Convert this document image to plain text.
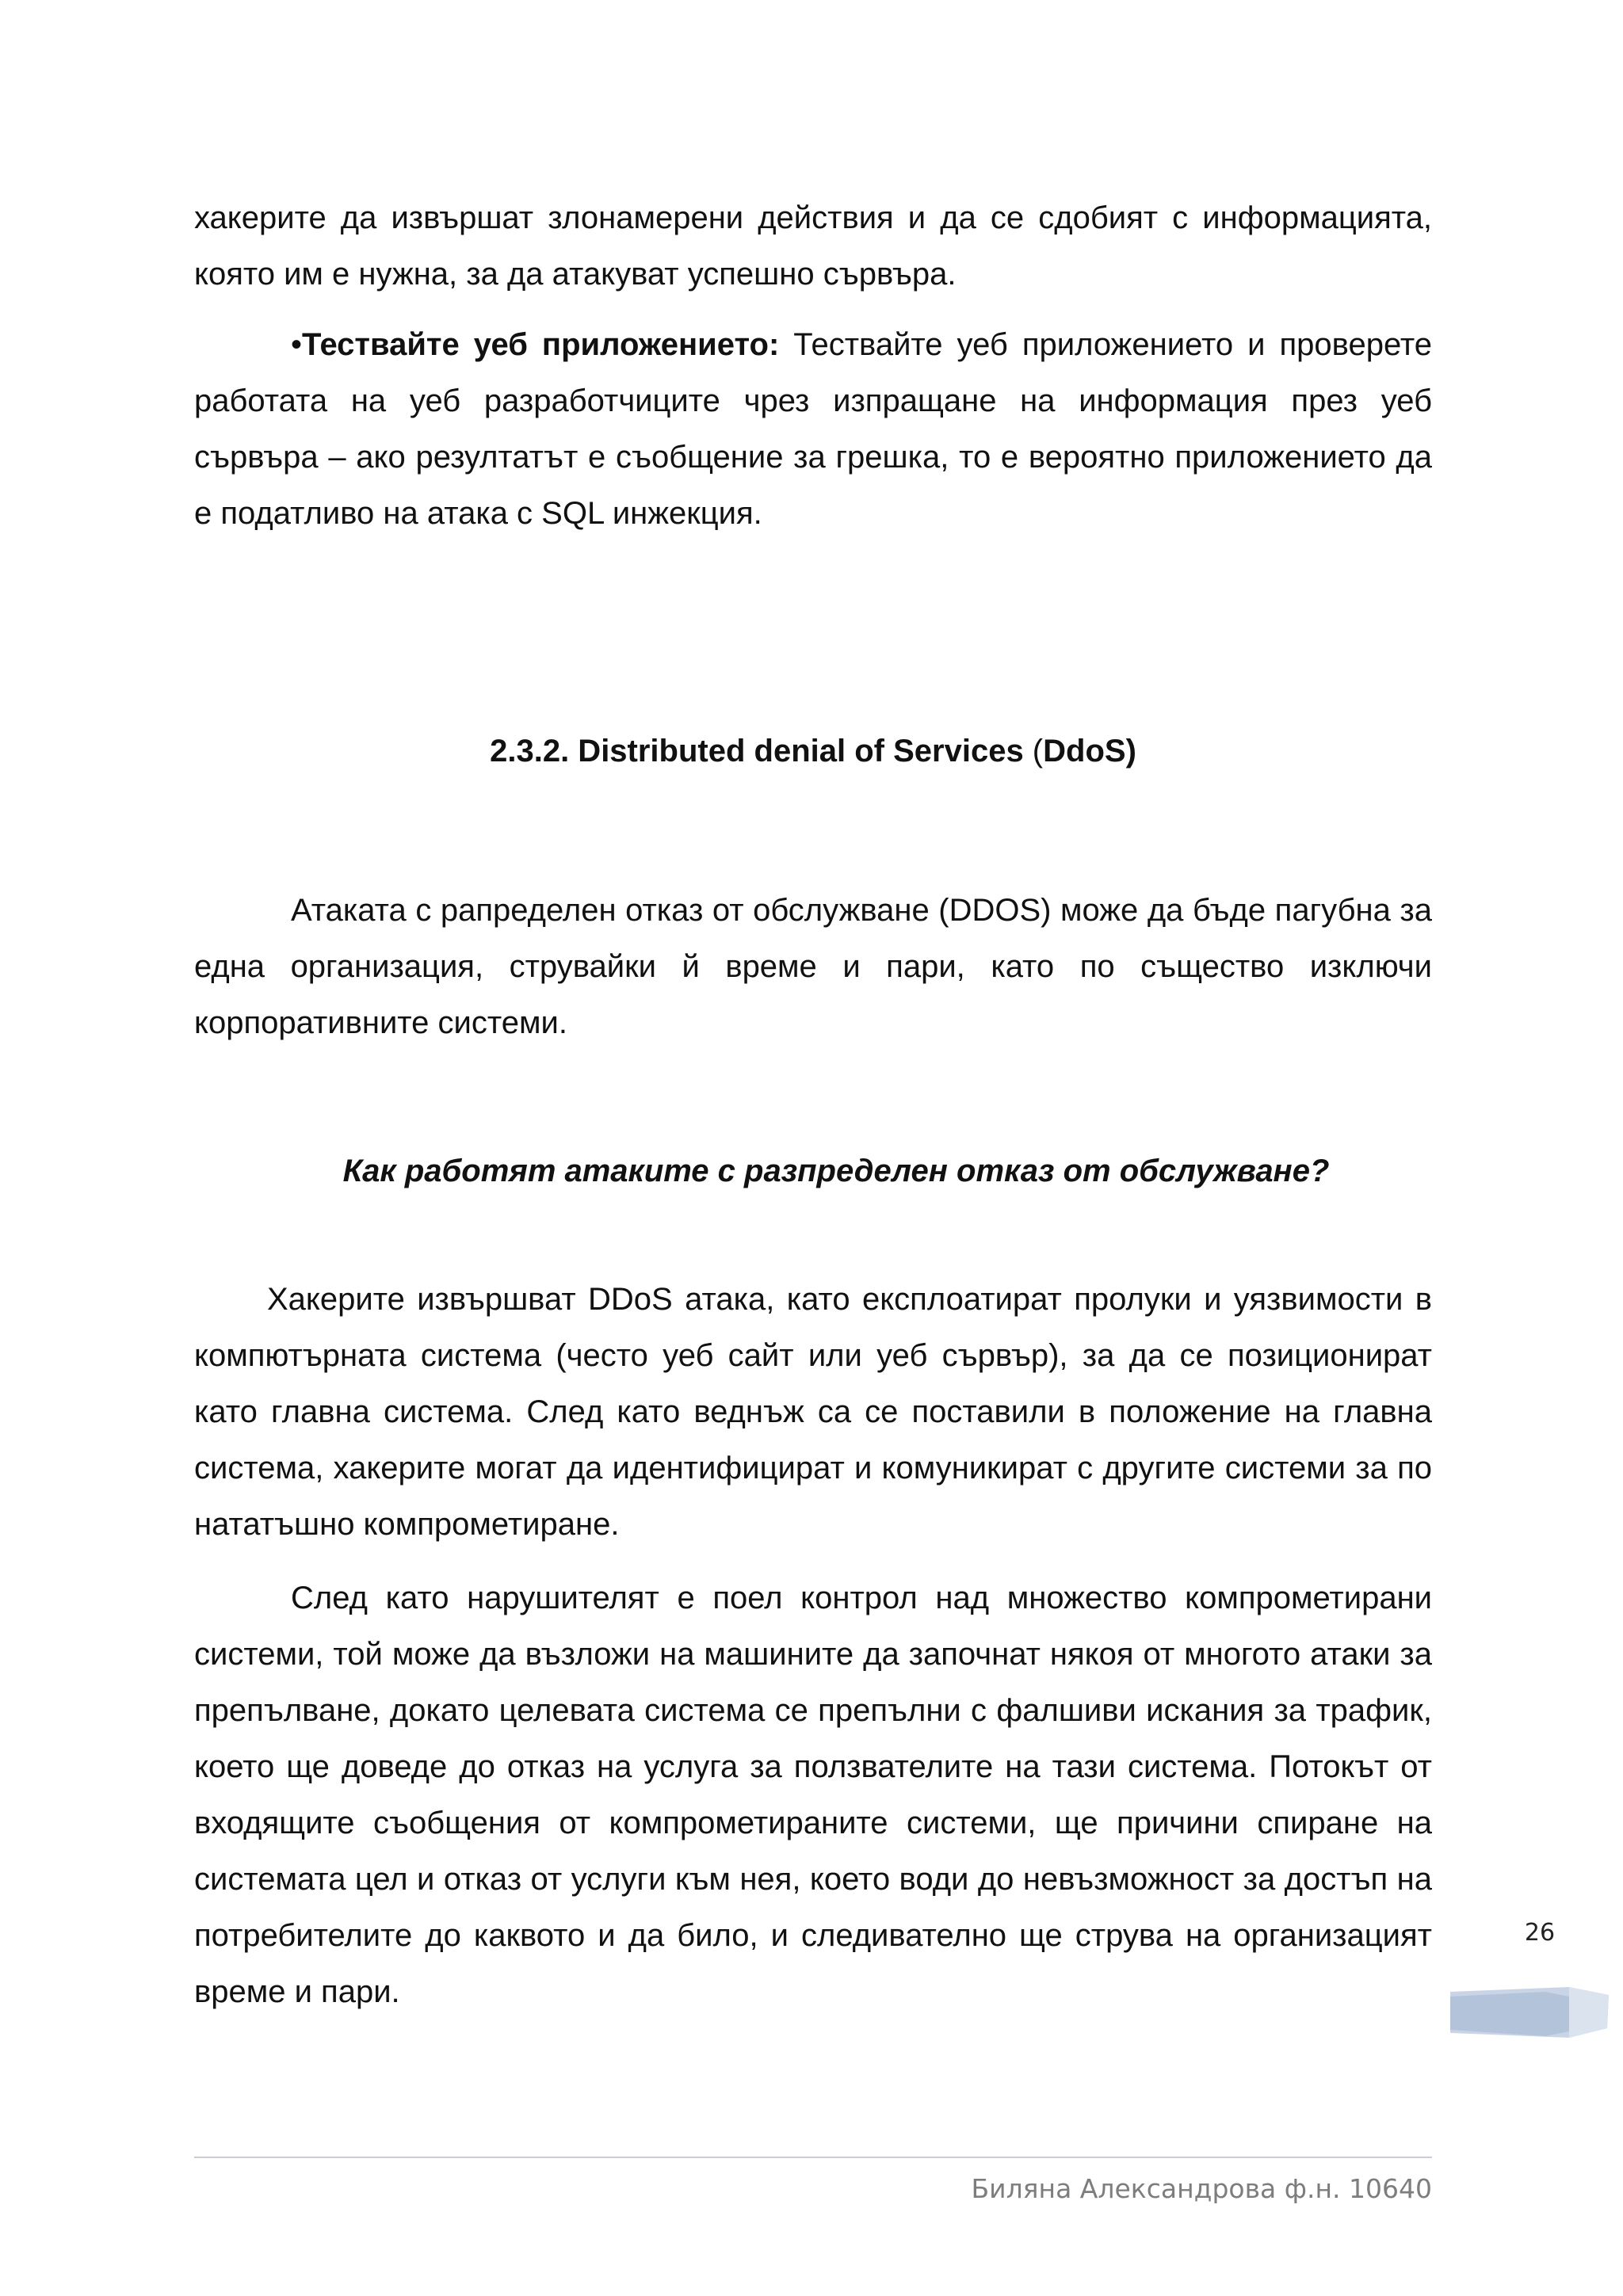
хакерите да извършат злонамерени действия и да се сдобият с информацията, която им е нужна, за да атакуват успешно сървъра.

•Тествайте уеб приложението: Тествайте уеб приложението и проверете работата на уеб разработчиците чрез изпращане на информация през уеб сървъра – ако резултатът е съобщение за грешка, то е вероятно приложението да е податливо на атака с SQL инжекция.

2.3.2. Distributed denial of Services (DdoS)

Атаката с рапределен отказ от обслужване (DDOS) може да бъде пагубна за една организация, струвайки й време и пари, като по същество изключи корпоративните системи.

Как работят атаките с разпределен отказ от обслужване?

Хакерите извършват DDoS атака, като експлоатират пролуки и уязвимости в компютърната система (често уеб сайт или уеб сървър), за да се позиционират като главна система. След като веднъж са се поставили в положение на главна система, хакерите могат да идентифицират и комуникират с другите системи за по нататъшно компрометиране.

След като нарушителят е поел контрол над множество компрометирани системи, той може да възложи на машините да започнат някоя от многото атаки за препълване, докато целевата система се препълни с фалшиви искания за трафик, което ще доведе до отказ на услуга за ползвателите на тази система. Потокът от входящите съобщения от компрометираните системи, ще причини спиране на системата цел и отказ от услуги към нея, което води до невъзможност за достъп на потребителите до каквото и да било, и следивателно ще струва на организацият време и пари.

26
Биляна Александрова ф.н. 10640
